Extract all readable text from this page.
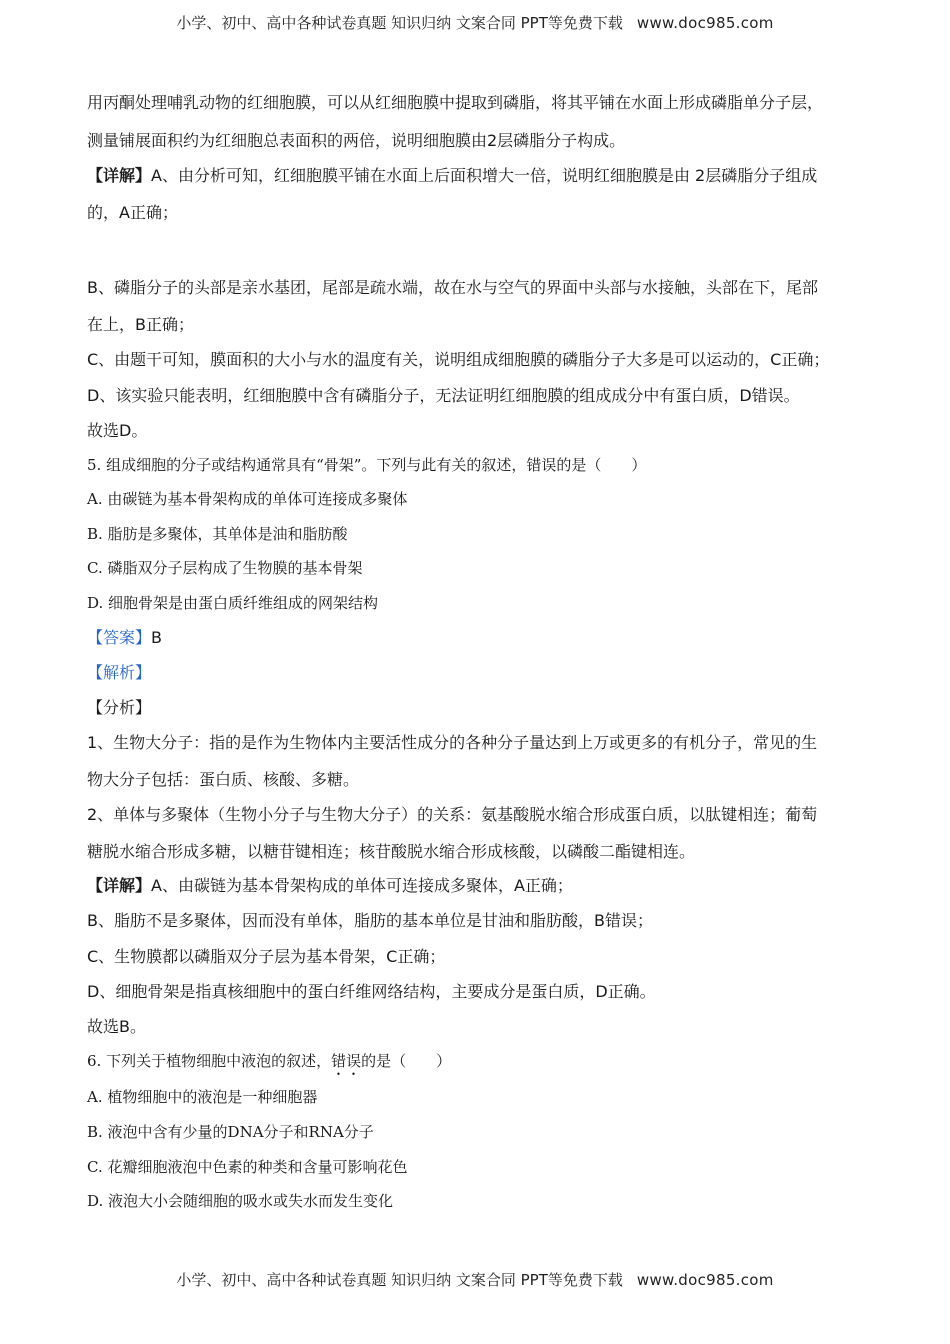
小学、初中、高中各种试卷真题 知识归纳 文案合同 PPT等免费下载 www.doc985.com
用丙酮处理哺乳动物的红细胞膜，可以从红细胞膜中提取到磷脂，将其平铺在水面上形成磷脂单分子层，
测量铺展面积约为红细胞总表面积的两倍，说明细胞膜由2层磷脂分子构成。
【详解】A、由分析可知，红细胞膜平铺在水面上后面积增大一倍，说明红细胞膜是由 2层磷脂分子组成
的，A正确；
B、磷脂分子的头部是亲水基团，尾部是疏水端，故在水与空气的界面中头部与水接触，头部在下，尾部
在上，B正确；
C、由题干可知，膜面积的大小与水的温度有关，说明组成细胞膜的磷脂分子大多是可以运动的，C正确；
D、该实验只能表明，红细胞膜中含有磷脂分子，无法证明红细胞膜的组成成分中有蛋白质，D错误。
故选D。
5. 组成细胞的分子或结构通常具有“骨架”。下列与此有关的叙述，错误的是（　　）
A. 由碳链为基本骨架构成的单体可连接成多聚体
B. 脂肪是多聚体，其单体是油和脂肪酸
C. 磷脂双分子层构成了生物膜的基本骨架
D. 细胞骨架是由蛋白质纤维组成的网架结构
【答案】B
【解析】
【分析】
1、生物大分子：指的是作为生物体内主要活性成分的各种分子量达到上万或更多的有机分子，常见的生
物大分子包括：蛋白质、核酸、多糖。
2、单体与多聚体（生物小分子与生物大分子）的关系：氨基酸脱水缩合形成蛋白质，以肽键相连；葡萄
糖脱水缩合形成多糖，以糖苷键相连；核苷酸脱水缩合形成核酸，以磷酸二酯键相连。
【详解】A、由碳链为基本骨架构成的单体可连接成多聚体，A正确；
B、脂肪不是多聚体，因而没有单体，脂肪的基本单位是甘油和脂肪酸，B错误；
C、生物膜都以磷脂双分子层为基本骨架，C正确；
D、细胞骨架是指真核细胞中的蛋白纤维网络结构，主要成分是蛋白质，D正确。
故选B。
6. 下列关于植物细胞中液泡的叙述，错误的是（　　）
A. 植物细胞中的液泡是一种细胞器
B. 液泡中含有少量的DNA分子和RNA分子
C. 花瓣细胞液泡中色素的种类和含量可影响花色
D. 液泡大小会随细胞的吸水或失水而发生变化
小学、初中、高中各种试卷真题 知识归纳 文案合同 PPT等免费下载 www.doc985.com
